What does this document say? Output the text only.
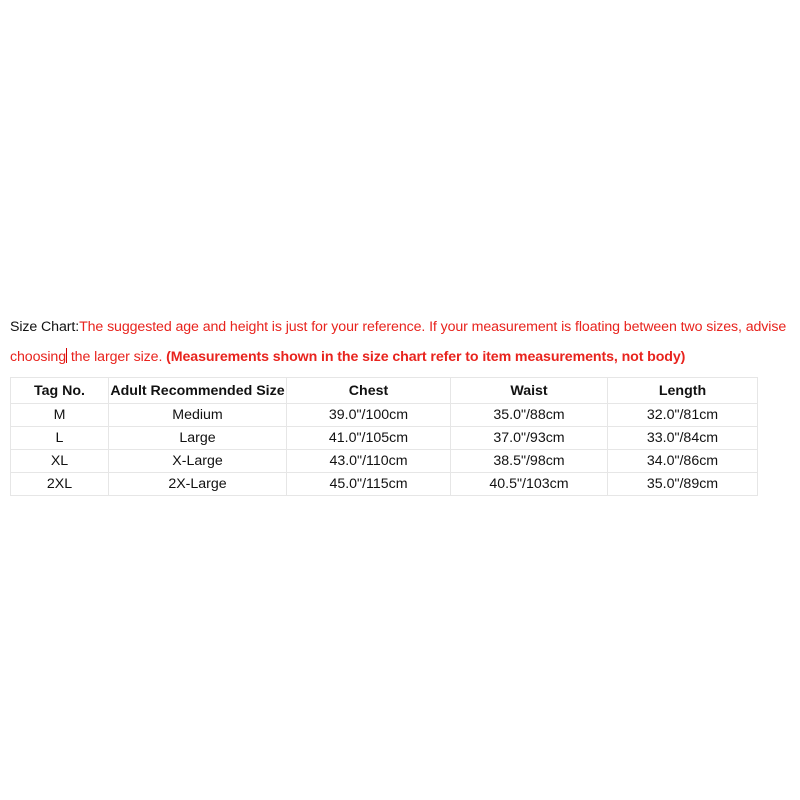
Size Chart:The suggested age and height is just for your reference. If your measurement is floating between two sizes, advise choosing the larger size. (Measurements shown in the size chart refer to item measurements, not body)
Tag No.	Adult Recommended Size	Chest	Waist	Length
M	Medium	39.0"/100cm	35.0"/88cm	32.0"/81cm
L	Large	41.0"/105cm	37.0"/93cm	33.0"/84cm
XL	X-Large	43.0"/110cm	38.5"/98cm	34.0"/86cm
2XL	2X-Large	45.0"/115cm	40.5"/103cm	35.0"/89cm
